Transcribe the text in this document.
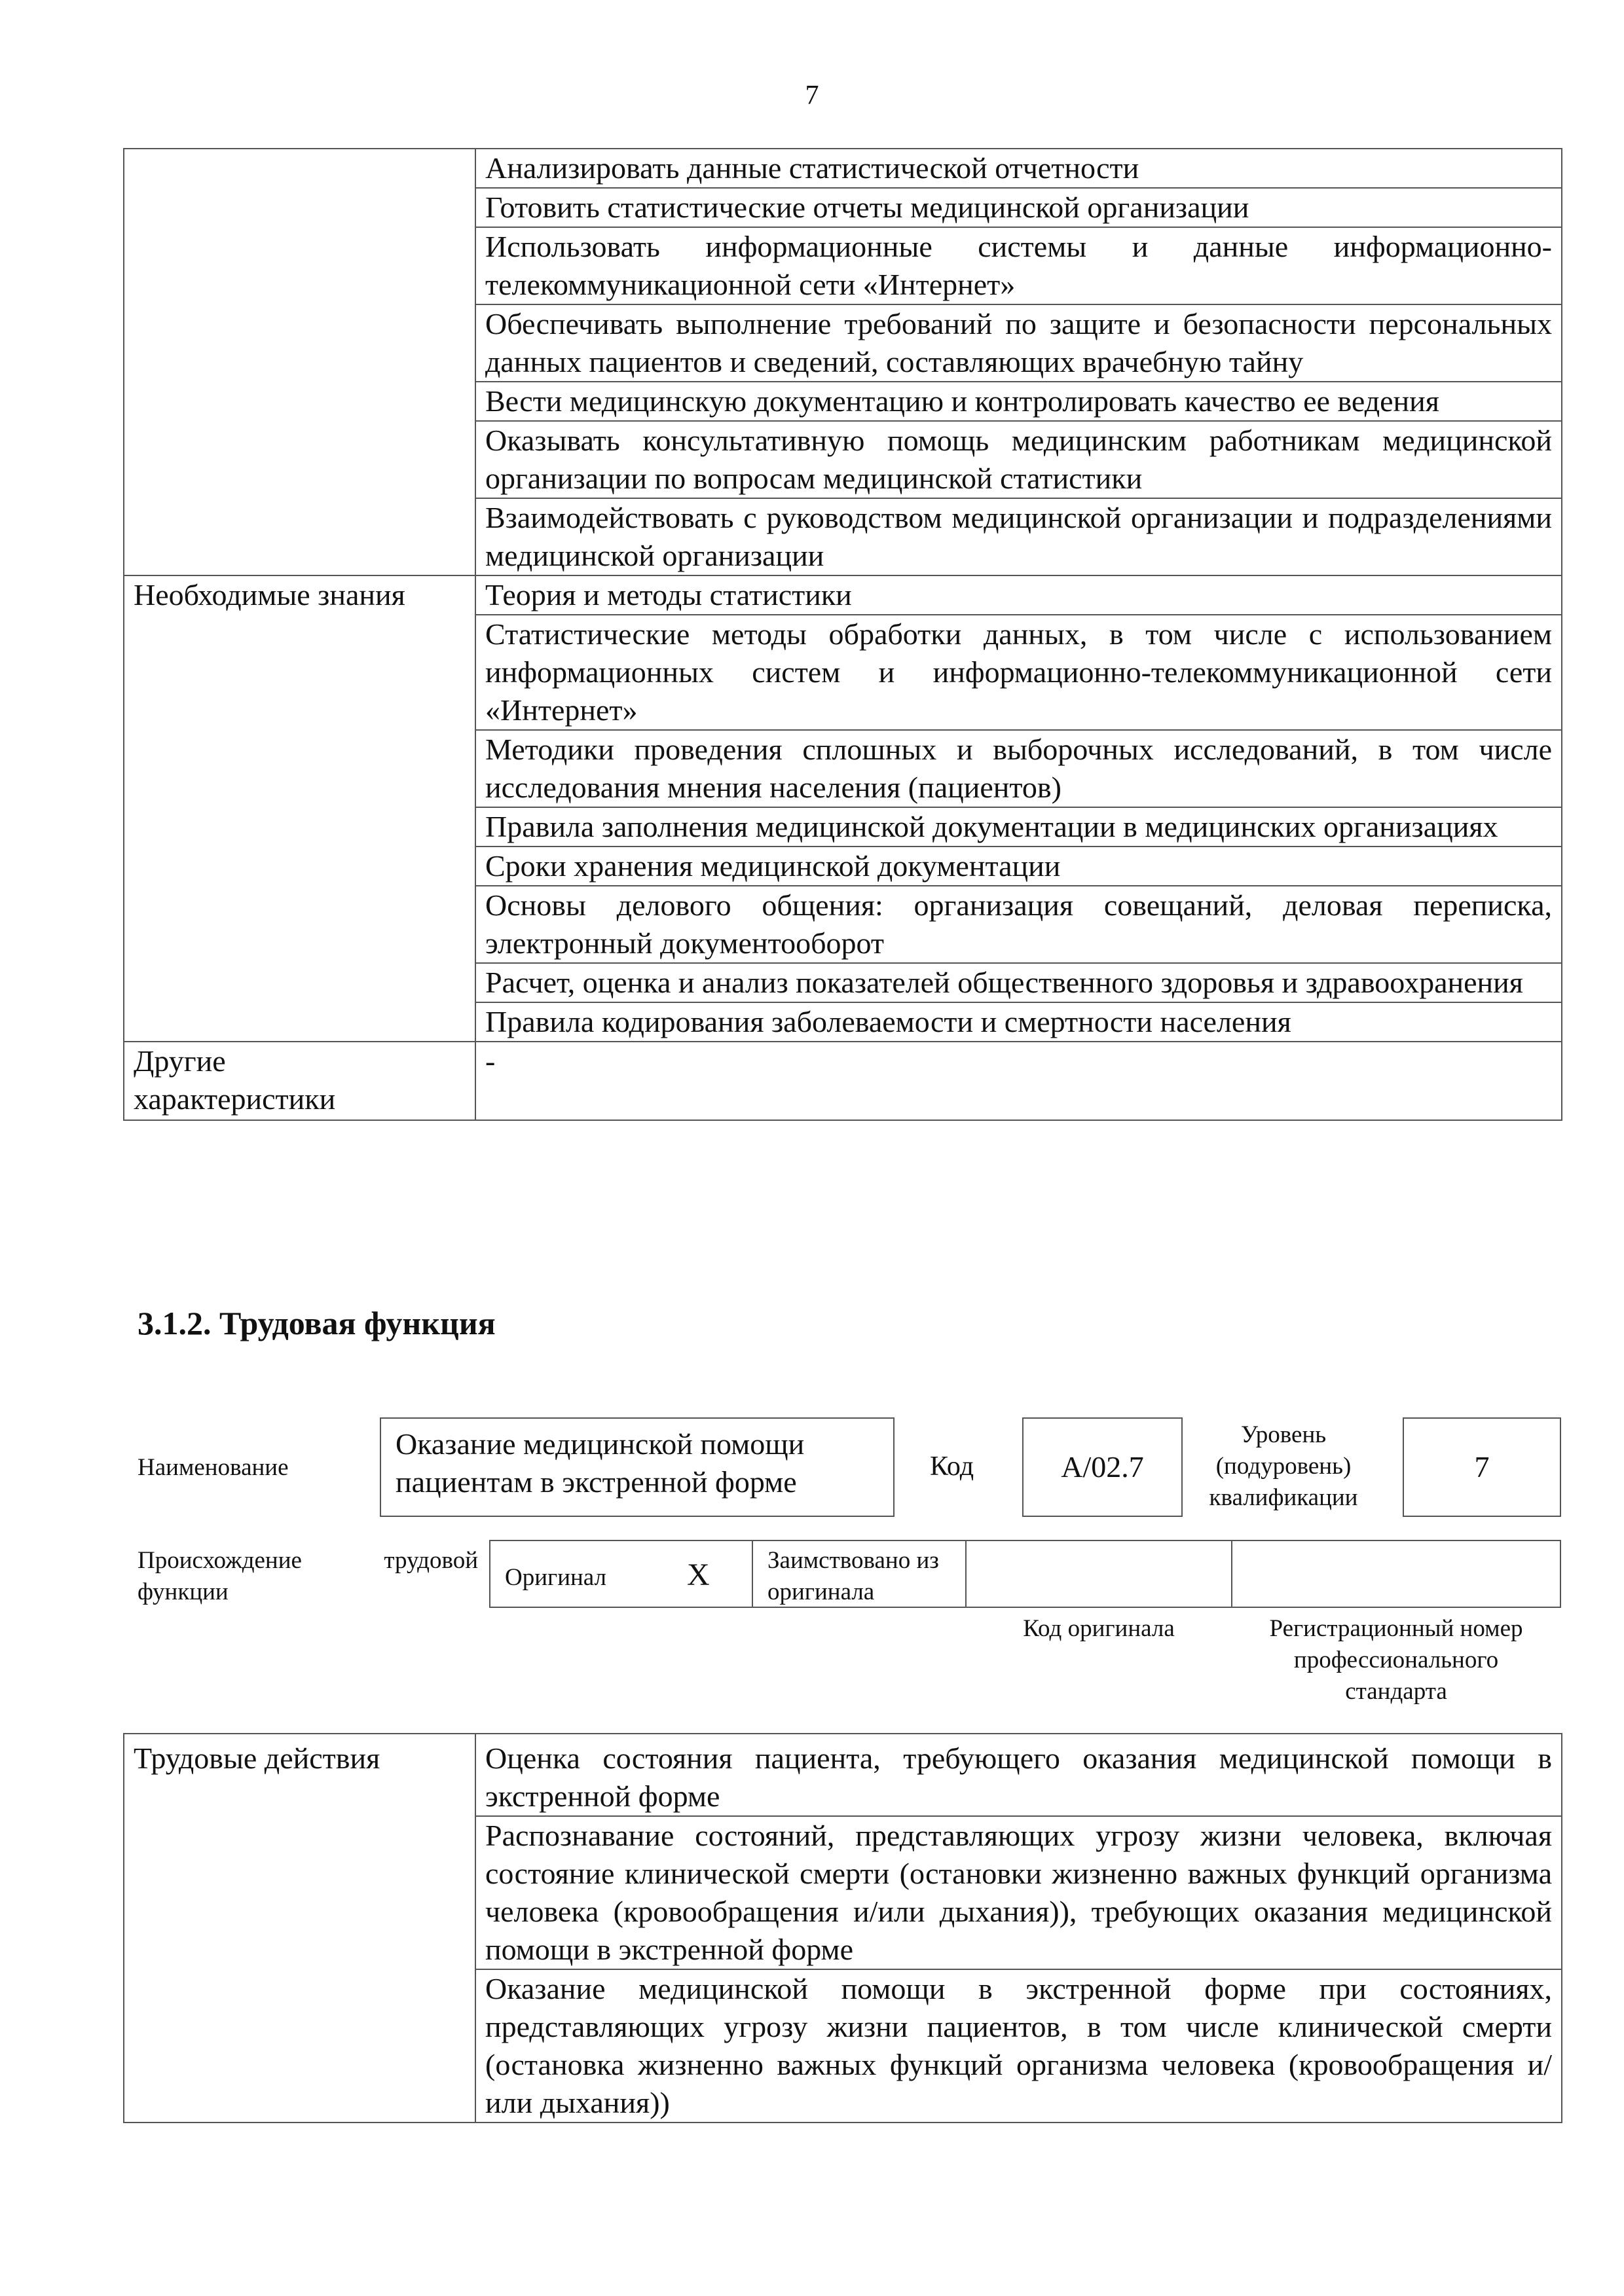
7
	Анализировать данные статистической отчетности
	Готовить статистические отчеты медицинской организации
	Использовать информационные системы и данные информационно-телекоммуникационной сети «Интернет»
	Обеспечивать выполнение требований по защите и безопасности персональных данных пациентов и сведений, составляющих врачебную тайну
	Вести медицинскую документацию и контролировать качество ее ведения
	Оказывать консультативную помощь медицинским работникам медицинской организации по вопросам медицинской статистики
	Взаимодействовать с руководством медицинской организации и подразделениями медицинской организации
Необходимые знания	Теория и методы статистики
	Статистические методы обработки данных, в том числе с использованием информационных систем и информационно-телекоммуникационной сети «Интернет»
	Методики проведения сплошных и выборочных исследований, в том числе исследования мнения населения (пациентов)
	Правила заполнения медицинской документации в медицинских организациях
	Сроки хранения медицинской документации
	Основы делового общения: организация совещаний, деловая переписка, электронный документооборот
	Расчет, оценка и анализ показателей общественного здоровья и здравоохранения
	Правила кодирования заболеваемости и смертности населения

Другие характеристики	-
3.1.2. Трудовая функция
Наименование
Оказание медицинской помощи пациентам в экстренной форме	Код	A/02.7
Уровень (подуровень) квалификации
7
Происхождение трудовой функции
Оригинал	X	Заимствовано из оригинала
Код оригинала	Регистрационный номер профессионального стандарта
Трудовые действия	Оценка состояния пациента, требующего оказания медицинской помощи в экстренной форме
Распознавание состояний, представляющих угрозу жизни человека, включая состояние клинической смерти (остановки жизненно важных функций организма человека (кровообращения и/или дыхания)), требующих оказания медицинской помощи в экстренной форме
Оказание медицинской помощи в экстренной форме при состояниях, представляющих угрозу жизни пациентов, в том числе клинической смерти (остановка жизненно важных функций организма человека (кровообращения и/или дыхания))
